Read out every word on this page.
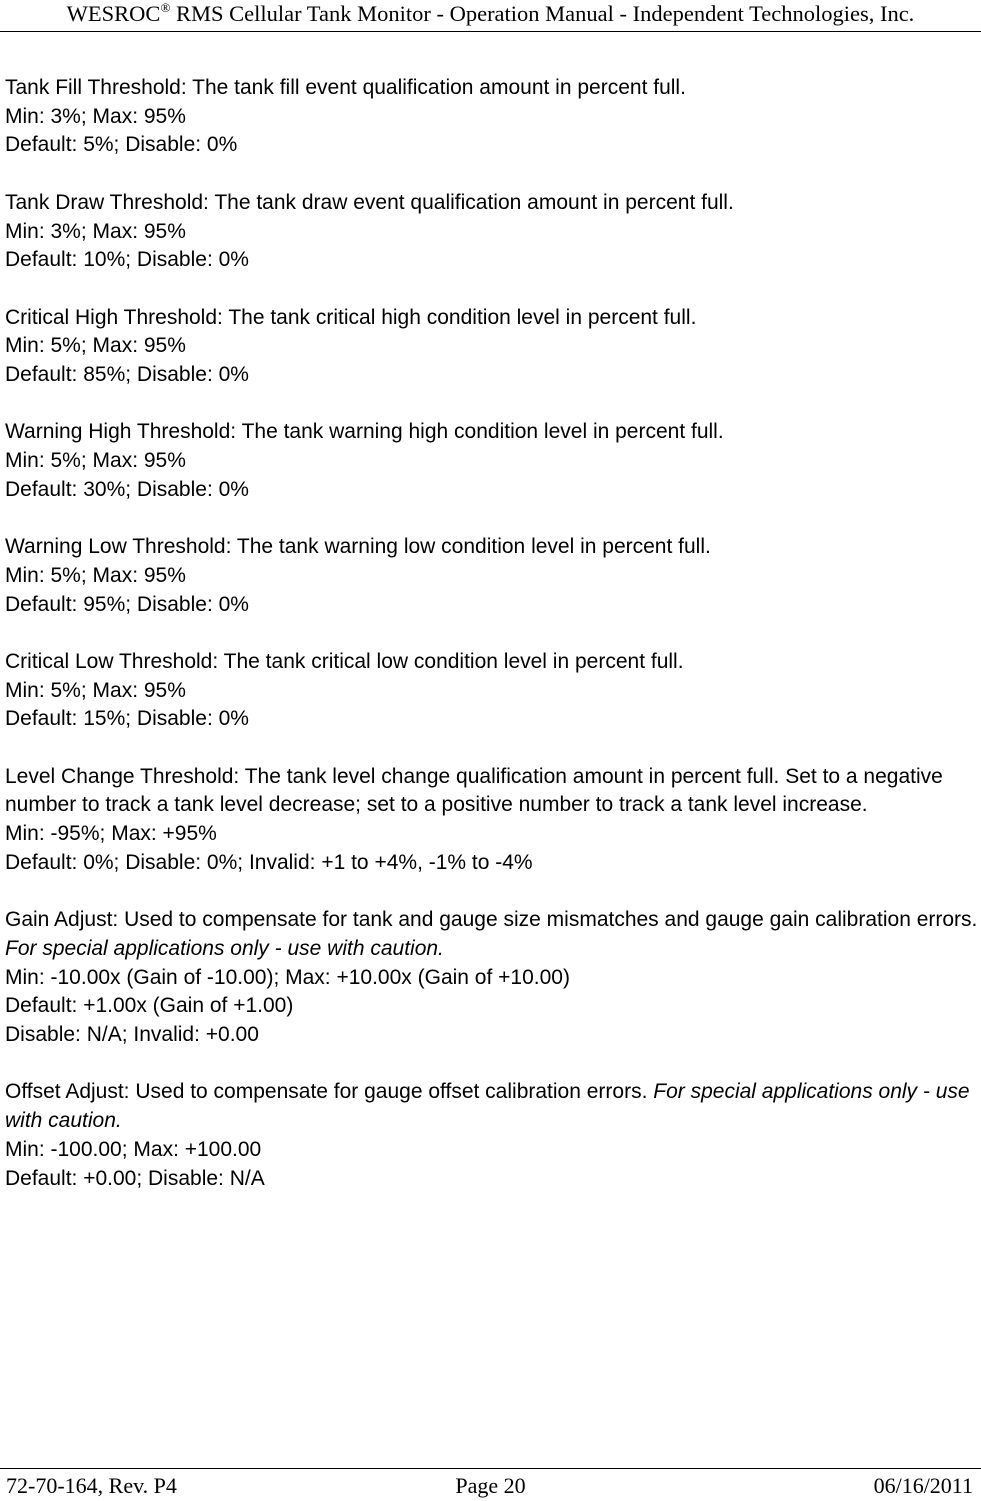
WESROC® RMS Cellular Tank Monitor - Operation Manual - Independent Technologies, Inc.

Tank Fill Threshold: The tank fill event qualification amount in percent full.

Min: 3%; Max: 95%

Default: 5%; Disable: 0%

Tank Draw Threshold: The tank draw event qualification amount in percent full.

Min: 3%; Max: 95%

Default: 10%; Disable: 0%

Critical High Threshold: The tank critical high condition level in percent full.

Min: 5%; Max: 95%

Default: 85%; Disable: 0%

Warning High Threshold: The tank warning high condition level in percent full.

Min: 5%; Max: 95%

Default: 30%; Disable: 0%

Warning Low Threshold: The tank warning low condition level in percent full.

Min: 5%; Max: 95%

Default: 95%; Disable: 0%

Critical Low Threshold: The tank critical low condition level in percent full.

Min: 5%; Max: 95%

Default: 15%; Disable: 0%

Level Change Threshold: The tank level change qualification amount in percent full. Set to a negative number to track a tank level decrease; set to a positive number to track a tank level increase.

Min: -95%; Max: +95%

Default: 0%; Disable: 0%; Invalid: +1 to +4%, -1% to -4%

Gain Adjust: Used to compensate for tank and gauge size mismatches and gauge gain calibration errors. For special applications only - use with caution.

Min: -10.00x (Gain of -10.00); Max: +10.00x (Gain of +10.00)

Default: +1.00x (Gain of +1.00)

Disable: N/A; Invalid: +0.00

Offset Adjust: Used to compensate for gauge offset calibration errors. For special applications only - use with caution.

Min: -100.00; Max: +100.00

Default: +0.00; Disable: N/A

72-70-164, Rev. P4	Page 20	06/16/2011
